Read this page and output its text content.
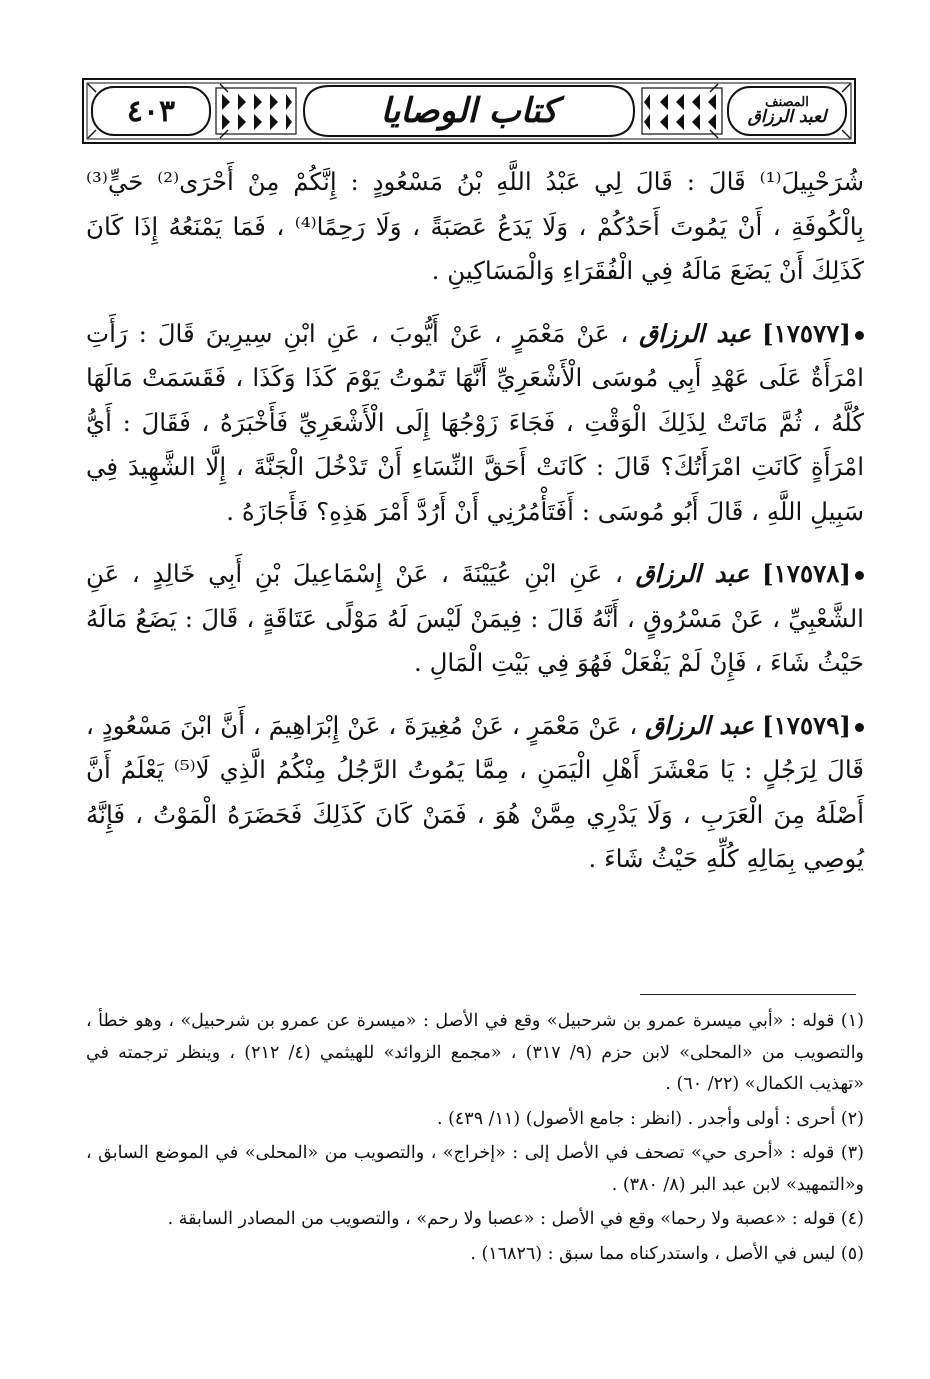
٤٠٣	كتاب الوصايا	المصنف
لعبد الرزاق

شُرَحْبِيلَ⁽¹⁾ قَالَ : قَالَ لِي عَبْدُ اللَّهِ بْنُ مَسْعُودٍ : إِنَّكُمْ مِنْ أَحْرَى⁽²⁾ حَيٍّ⁽³⁾ بِالْكُوفَةِ ، أَنْ يَمُوتَ أَحَدُكُمْ ، وَلَا يَدَعُ عَصَبَةً ، وَلَا رَحِمًا⁽⁴⁾ ، فَمَا يَمْنَعُهُ إِذَا كَانَ كَذَلِكَ أَنْ يَضَعَ مَالَهُ فِي الْفُقَرَاءِ وَالْمَسَاكِينِ .

[١٧٥٧٧] عبد الرزاق ، عَنْ مَعْمَرٍ ، عَنْ أَيُّوبَ ، عَنِ ابْنِ سِيرِينَ قَالَ : رَأَتِ امْرَأَةٌ عَلَى عَهْدِ أَبِي مُوسَى الْأَشْعَرِيِّ أَنَّهَا تَمُوتُ يَوْمَ كَذَا وَكَذَا ، فَقَسَمَتْ مَالَهَا كُلَّهُ ، ثُمَّ مَاتَتْ لِذَلِكَ الْوَقْتِ ، فَجَاءَ زَوْجُهَا إِلَى الْأَشْعَرِيِّ فَأَخْبَرَهُ ، فَقَالَ : أَيُّ امْرَأَةٍ كَانَتِ امْرَأَتُكَ؟ قَالَ : كَانَتْ أَحَقَّ النِّسَاءِ أَنْ تَدْخُلَ الْجَنَّةَ ، إِلَّا الشَّهِيدَ فِي سَبِيلِ اللَّهِ ، قَالَ أَبُو مُوسَى : أَفَتَأْمُرُنِي أَنْ أَرُدَّ أَمْرَ هَذِهِ؟ فَأَجَازَهُ .

[١٧٥٧٨] عبد الرزاق ، عَنِ ابْنِ عُيَيْنَةَ ، عَنْ إِسْمَاعِيلَ بْنِ أَبِي خَالِدٍ ، عَنِ الشَّعْبِيِّ ، عَنْ مَسْرُوقٍ ، أَنَّهُ قَالَ : فِيمَنْ لَيْسَ لَهُ مَوْلًى عَتَاقَةٍ ، قَالَ : يَضَعُ مَالَهُ حَيْثُ شَاءَ ، فَإِنْ لَمْ يَفْعَلْ فَهُوَ فِي بَيْتِ الْمَالِ .

[١٧٥٧٩] عبد الرزاق ، عَنْ مَعْمَرٍ ، عَنْ مُغِيرَةَ ، عَنْ إِبْرَاهِيمَ ، أَنَّ ابْنَ مَسْعُودٍ ، قَالَ لِرَجُلٍ : يَا مَعْشَرَ أَهْلِ الْيَمَنِ ، مِمَّا يَمُوتُ الرَّجُلُ مِنْكُمُ الَّذِي لَا⁽⁵⁾ يَعْلَمُ أَنَّ أَصْلَهُ مِنَ الْعَرَبِ ، وَلَا يَدْرِي مِمَّنْ هُوَ ، فَمَنْ كَانَ كَذَلِكَ فَحَضَرَهُ الْمَوْتُ ، فَإِنَّهُ يُوصِي بِمَالِهِ كُلِّهِ حَيْثُ شَاءَ .

(١) قوله : «أبي ميسرة عمرو بن شرحبيل» وقع في الأصل : «ميسرة عن عمرو بن شرحبيل» ، وهو خطأ ، والتصويب من «المحلى» لابن حزم (٩/ ٣١٧) ، «مجمع الزوائد» للهيثمي (٤/ ٢١٢) ، وينظر ترجمته في «تهذيب الكمال» (٢٢/ ٦٠) .

(٢) أحرى : أولى وأجدر . (انظر : جامع الأصول) (١١/ ٤٣٩) .

(٣) قوله : «أحرى حي» تصحف في الأصل إلى : «إخراج» ، والتصويب من «المحلى» في الموضع السابق ، و«التمهيد» لابن عبد البر (٨/ ٣٨٠) .

(٤) قوله : «عصبة ولا رحما» وقع في الأصل : «عصبا ولا رحم» ، والتصويب من المصادر السابقة .

(٥) ليس في الأصل ، واستدركناه مما سبق : (١٦٨٢٦) .
